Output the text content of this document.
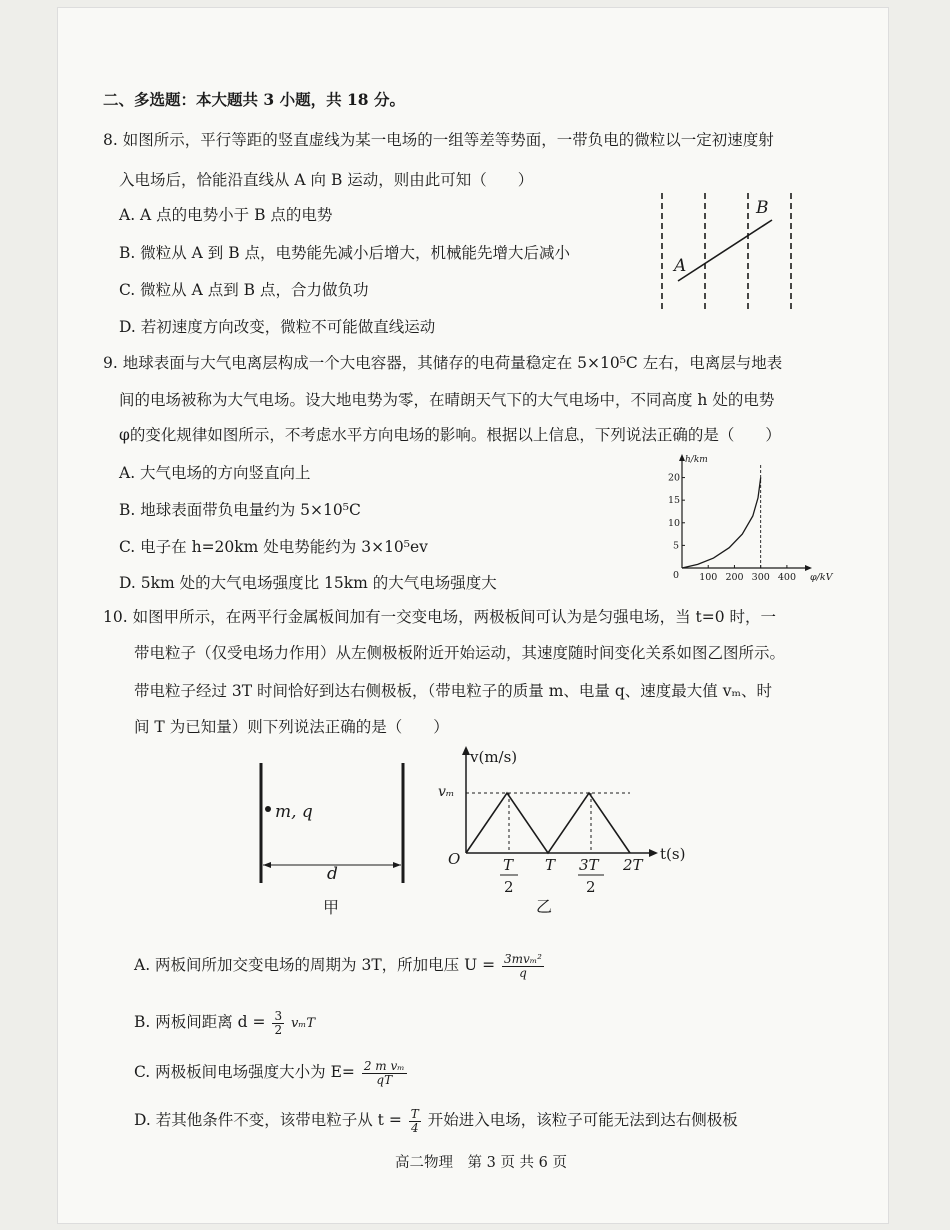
二、多选题：本大题共 3 小题，共 18 分。
8. 如图所示，平行等距的竖直虚线为某一电场的一组等差等势面，一带负电的微粒以一定初速度射
入电场后，恰能沿直线从 A 向 B 运动，则由此可知（　　）
A. A 点的电势小于 B 点的电势
B. 微粒从 A 到 B 点，电势能先减小后增大，机械能先增大后减小
C. 微粒从 A 点到 B 点，合力做负功
D. 若初速度方向改变，微粒不可能做直线运动
A
B
9. 地球表面与大气电离层构成一个大电容器，其储存的电荷量稳定在 5×10⁵C 左右，电离层与地表
间的电场被称为大气电场。设大地电势为零，在晴朗天气下的大气电场中，不同高度 h 处的电势
φ的变化规律如图所示，不考虑水平方向电场的影响。根据以上信息，下列说法正确的是（　　）
A. 大气电场的方向竖直向上
B. 地球表面带负电量约为 5×10⁵C
C. 电子在 h=20km 处电势能约为 3×10⁵ev
D. 5km 处的大气电场强度比 15km 的大气电场强度大
h/km
φ/kV
0 100 200 300 400
5
10
15
20
10. 如图甲所示，在两平行金属板间加有一交变电场，两极板间可认为是匀强电场，当 t=0 时，一
带电粒子（仅受电场力作用）从左侧极板附近开始运动，其速度随时间变化关系如图乙图所示。
带电粒子经过 3T 时间恰好到达右侧极板，（带电粒子的质量 m、电量 q、速度最大值 vₘ、时
间 T 为已知量）则下列说法正确的是（　　）
m, q
d
甲
v(m/s)
vₘ
O	t(s)
T
2
T 3T
2
2T
乙
A. 两板间所加交变电场的周期为 3T，所加电压 $U = \frac{\text{3mvₘ²}}{q}$
B. 两板间距离 $d = \frac{3}{2}$ vₘT
C. 两极板间电场强度大小为 $E= \frac{\text{2 m vₘ}}{qT}$
D. 若其他条件不变，该带电粒子从 $t = \frac{T}{4}$ 开始进入电场，该粒子可能无法到达右侧极板
高二物理　第 3 页 共 6 页
